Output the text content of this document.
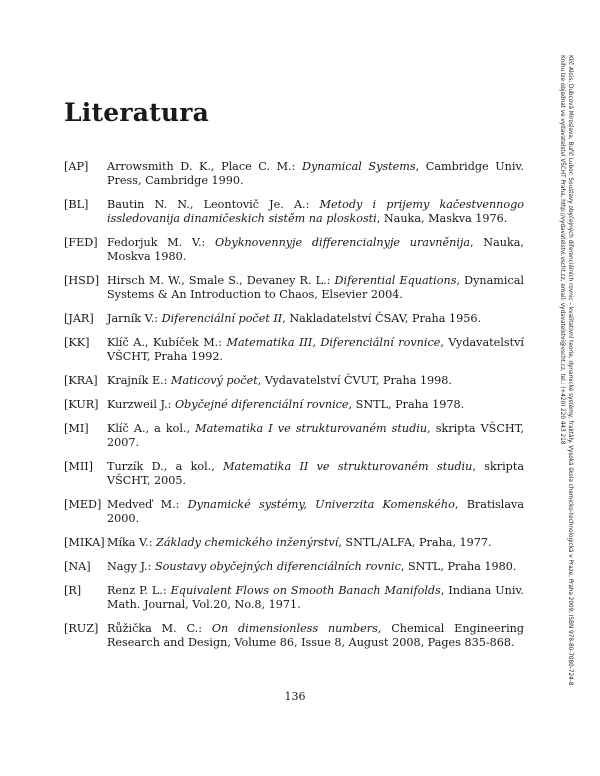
Literatura
[AP]	Arrowsmith D. K., Place C. M.: Dynamical Systems, Cambridge Univ. Press, Cambridge 1990.
[BL]	Bautin N. N., Leontovič Je. A.: Metody i prijemy kačestvennogo issledovanija dinamičeskich sistěm na ploskosti, Nauka, Maskva 1976.
[FED] Fedorjuk M. V.: Obyknovennyje differencialnyje uravněnija, Nauka, Moskva 1980.
[HSD] Hirsch M. W., Smale S., Devaney R. L.: Diferential Equations, Dynamical Systems & An Introduction to Chaos, Elsevier 2004.
[JAR]	Jarník V.: Diferenciální počet II, Nakladatelství ČSAV, Praha 1956.
[KK]	Klíč A., Kubíček M.: Matematika III, Diferenciální rovnice, Vydavatelství VŠCHT, Praha 1992.
[KRA] Krajník E.: Maticový počet, Vydavatelství ČVUT, Praha 1998.
[KUR] Kurzweil J.: Obyčejné diferenciální rovnice, SNTL, Praha 1978.
[MI]	Klíč A., a kol., Matematika I ve strukturovaném studiu, skripta VŠCHT, 2007.
[MII]	Turzík D., a kol., Matematika II ve strukturovaném studiu, skripta VŠCHT, 2005.
[MED] Medveď M.: Dynamické systémy, Univerzita Komenského, Bratislava 2000.
[MIKA] Míka V.: Základy chemického inženýrství, SNTL/ALFA, Praha, 1977.
[NA]	Nagy J.: Soustavy obyčejných diferenciálních rovnic, SNTL, Praha 1980.
[R]	Renz P. L.: Equivalent Flows on Smooth Banach Manifolds, Indiana Univ. Math. Journal, Vol.20, No.8, 1971.
[RUZ] Růžička M. C.: On dimensionless numbers, Chemical Engineering Research and Design, Volume 86, Issue 8, August 2008, Pages 835-868.
136
Klíč Alois, Dubcová Miroslava, Buřič Lubor: Soustavy obyčejných diferenciálních rovnic – kvalitativní teorie, dynamické systémy, fraktály. Vysoká škola chemicko-technologická v Praze, Praha 2009, ISBN 978-80-7080-724-8
Knihu lze objednat ve vydavatelství VŠCHT Praha, http://vydavatelstvi.vscht.cz, email: vydavatelstvi@vscht.cz, tel.: (+420) 220 443 218
